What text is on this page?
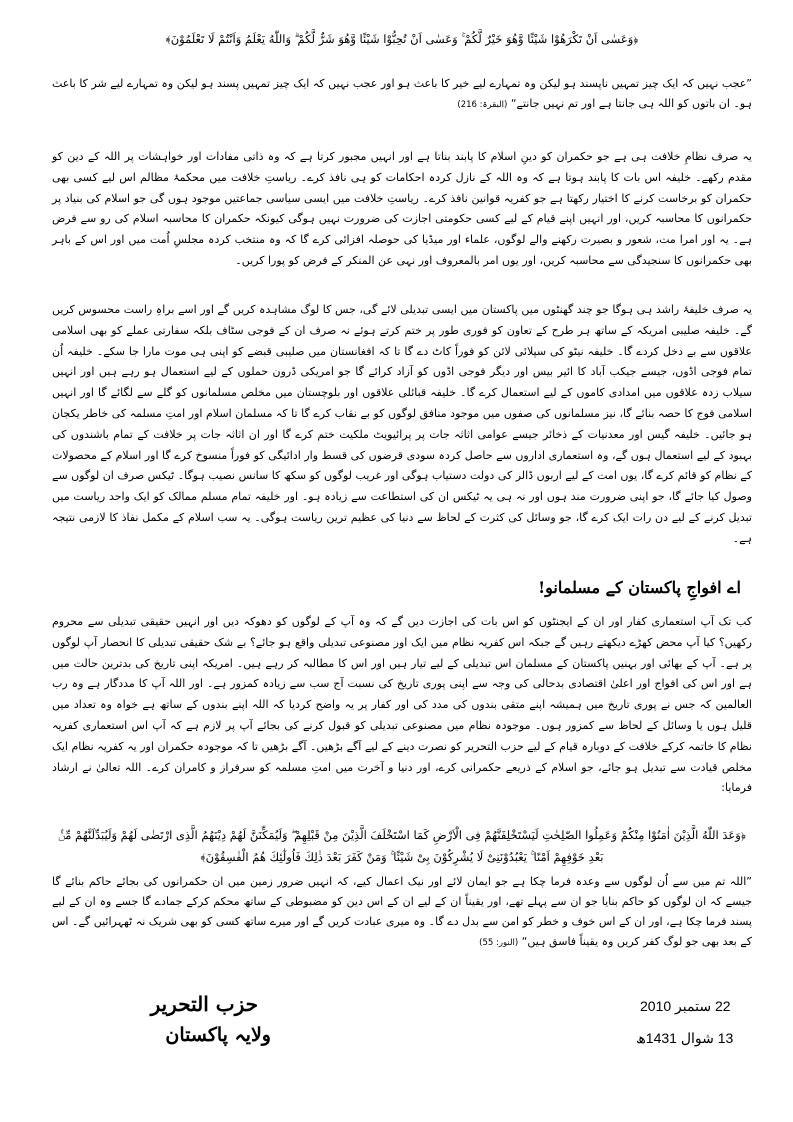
﴿وَعَسٰى اَنْ تَكْرَهُوْا شَيْئًا وَّهُوَ خَيْرٌ لَّكُمْ ۚ وَعَسٰى اَنْ تُحِبُّوْا شَيْئًا وَّهُوَ شَرٌّ لَّكُمْ ۗ وَاللّٰهُ يَعْلَمُ وَاَنْتُمْ لَا تَعْلَمُوْنَ﴾
”عجب نہیں کہ ایک چیز تمہیں ناپسند ہو لیکن وہ تمہارے لیے خیر کا باعث ہو اور عجب نہیں کہ ایک چیز تمہیں پسند ہو لیکن وہ تمہارے لیے شر کا باعث ہو۔ ان باتوں کو اللہ ہی جانتا ہے اور تم نہیں جانتے“ (البقرۃ: 216)
یہ صرف نظامِ خلافت ہی ہے جو حکمران کو دینِ اسلام کا پابند بناتا ہے اور انہیں مجبور کرتا ہے کہ وہ ذاتی مفادات اور خواہشات پر اللہ کے دین کو مقدم رکھے۔ خلیفہ اس بات کا پابند ہوتا ہے کہ وہ اللہ کے نازل کردہ احکامات کو ہی نافذ کرے۔ ریاستِ خلافت میں محکمۂ مظالم اس لیے کسی بھی حکمران کو برخاست کرنے کا اختیار رکھتا ہے جو کفریہ قوانین نافذ کرے۔ ریاستِ خلافت میں ایسی سیاسی جماعتیں موجود ہوں گی جو اسلام کی بنیاد پر حکمرانوں کا محاسبہ کریں، اور انہیں اپنے قیام کے لیے کسی حکومتی اجازت کی ضرورت نہیں ہوگی کیونکہ حکمران کا محاسبہ اسلام کی رو سے فرض ہے۔ یہ اور امرا مت، شعور و بصیرت رکھنے والے لوگوں، علماء اور میڈیا کی حوصلہ افزائی کرے گا کہ وہ منتخب کردہ مجلسِ اُمت میں اور اس کے باہر بھی حکمرانوں کا سنجیدگی سے محاسبہ کریں، اور یوں امر بالمعروف اور نہی عن المنکر کے فرض کو پورا کریں۔
یہ صرف خلیفۂ راشد ہی ہوگا جو چند گھنٹوں میں پاکستان میں ایسی تبدیلی لائے گی، جس کا لوگ مشاہدہ کریں گے اور اسے براہِ راست محسوس کریں گے۔ خلیفہ صلیبی امریکہ کے ساتھ ہر طرح کے تعاون کو فوری طور پر ختم کرتے ہوئے نہ صرف ان کے فوجی سٹاف بلکہ سفارتی عملے کو بھی اسلامی علاقوں سے بے دخل کردے گا۔ خلیفہ نیٹو کی سپلائی لائن کو فوراً کاٹ دے گا تا کہ افغانستان میں صلیبی قبضے کو اپنی ہی موت مارا جا سکے۔ خلیفہ اُن تمام فوجی اڈوں، جیسے جیکب آباد کا ائیر بیس اور دیگر فوجی اڈوں کو آزاد کرائے گا جو امریکی ڈرون حملوں کے لیے استعمال ہو رہے ہیں اور انہیں سیلاب زدہ علاقوں میں امدادی کاموں کے لیے استعمال کرے گا۔ خلیفہ قبائلی علاقوں اور بلوچستان میں مخلص مسلمانوں کو گلے سے لگائے گا اور انہیں اسلامی فوج کا حصہ بنائے گا، نیز مسلمانوں کی صفوں میں موجود منافق لوگوں کو بے نقاب کرے گا تا کہ مسلمان اسلام اور امتِ مسلمہ کی خاطر یکجان ہو جائیں۔ خلیفہ گیس اور معدنیات کے ذخائر جیسے عوامی اثاثہ جات پر پرائیویٹ ملکیت ختم کرے گا اور ان اثاثہ جات پر خلافت کے تمام باشندوں کی بہبود کے لیے استعمال ہوں گے، وہ استعماری اداروں سے حاصل کردہ سودی قرضوں کی قسط وار ادائیگی کو فوراً منسوخ کرے گا اور اسلام کے محصولات کے نظام کو قائم کرے گا، یوں امت کے لیے اربوں ڈالر کی دولت دستیاب ہوگی اور غریب لوگوں کو سکھ کا سانس نصیب ہوگا۔ ٹیکس صرف ان لوگوں سے وصول کیا جائے گا، جو اپنی ضرورت مند ہوں اور نہ ہی یہ ٹیکس ان کی استطاعت سے زیادہ ہو۔ اور خلیفہ تمام مسلم ممالک کو ایک واحد ریاست میں تبدیل کرنے کے لیے دن رات ایک کرے گا، جو وسائل کی کثرت کے لحاظ سے دنیا کی عظیم ترین ریاست ہوگی۔ یہ سب اسلام کے مکمل نفاذ کا لازمی نتیجہ ہے۔
اے افواجِ پاکستان کے مسلمانو!
کب تک آپ استعماری کفار اور ان کے ایجنٹوں کو اس بات کی اجازت دیں گے کہ وہ آپ کے لوگوں کو دھوکہ دیں اور انہیں حقیقی تبدیلی سے محروم رکھیں؟ کیا آپ محض کھڑے دیکھتے رہیں گے جبکہ اس کفریہ نظام میں ایک اور مصنوعی تبدیلی واقع ہو جائے؟ بے شک حقیقی تبدیلی کا انحصار آپ لوگوں پر ہے۔ آپ کے بھائی اور بہنیں پاکستان کے مسلمان اس تبدیلی کے لیے تیار ہیں اور اس کا مطالبہ کر رہے ہیں۔ امریکہ اپنی تاریخ کی بدترین حالت میں ہے اور اس کی افواج اور اعلیٰ اقتصادی بدحالی کی وجہ سے اپنی پوری تاریخ کی نسبت آج سب سے زیادہ کمزور ہے۔ اور اللہ آپ کا مددگار ہے وہ رب العالمین کہ جس نے پوری تاریخ میں ہمیشہ اپنے متقی بندوں کی مدد کی اور کفار پر یہ واضح کردیا کہ اللہ اپنے بندوں کے ساتھ ہے خواہ وہ تعداد میں قلیل ہوں یا وسائل کے لحاظ سے کمزور ہوں۔ موجودہ نظام میں مصنوعی تبدیلی کو قبول کرنے کی بجائے آپ پر لازم ہے کہ آپ اس استعماری کفریہ نظام کا خاتمہ کرکے خلافت کے دوبارہ قیام کے لیے حزب التحریر کو نصرت دینے کے لیے آگے بڑھیں۔ آگے بڑھیں تا کہ موجودہ حکمران اور یہ کفریہ نظام ایک مخلص قیادت سے تبدیل ہو جائے، جو اسلام کے ذریعے حکمرانی کرے، اور دنیا و آخرت میں امتِ مسلمہ کو سرفراز و کامران کرے۔ اللہ تعالیٰ نے ارشاد فرمایا:
﴿وَعَدَ اللّٰهُ الَّذِيْنَ اٰمَنُوْا مِنْكُمْ وَعَمِلُوا الصّٰلِحٰتِ لَيَسْتَخْلِفَنَّهُمْ فِى الْاَرْضِ كَمَا اسْتَخْلَفَ الَّذِيْنَ مِنْ قَبْلِهِمْ ۖ وَلَيُمَكِّنَنَّ لَهُمْ دِيْنَهُمُ الَّذِى ارْتَضٰى لَهُمْ وَلَيُبَدِّلَنَّهُمْ مِّنْۢ بَعْدِ خَوْفِهِمْ اَمْنًا ۚ يَعْبُدُوْنَنِىْ لَا يُشْرِكُوْنَ بِىْ شَيْئًا ۚ وَمَنْ كَفَرَ بَعْدَ ذٰلِكَ فَاُولٰٓئِكَ هُمُ الْفٰسِقُوْنَ﴾
”اللہ تم میں سے اُن لوگوں سے وعدہ فرما چکا ہے جو ایمان لائے اور نیک اعمال کیے، کہ انہیں ضرور زمین میں ان حکمرانوں کی بجائے حاکم بنائے گا جیسے کہ ان لوگوں کو حاکم بنایا جو ان سے پہلے تھے، اور یقیناً ان کے لیے ان کے اس دین کو مضبوطی کے ساتھ محکم کرکے جمادے گا جسے وہ ان کے لیے پسند فرما چکا ہے، اور ان کے اس خوف و خطر کو امن سے بدل دے گا۔ وہ میری عبادت کریں گے اور میرے ساتھ کسی کو بھی شریک نہ ٹھہرائیں گے۔ اس کے بعد بھی جو لوگ کفر کریں وہ یقیناً فاسق ہیں“ (النور: 55)
حزب التحرير
ولایہ پاکستان
22 ستمبر 2010
13 شوال 1431ھ
